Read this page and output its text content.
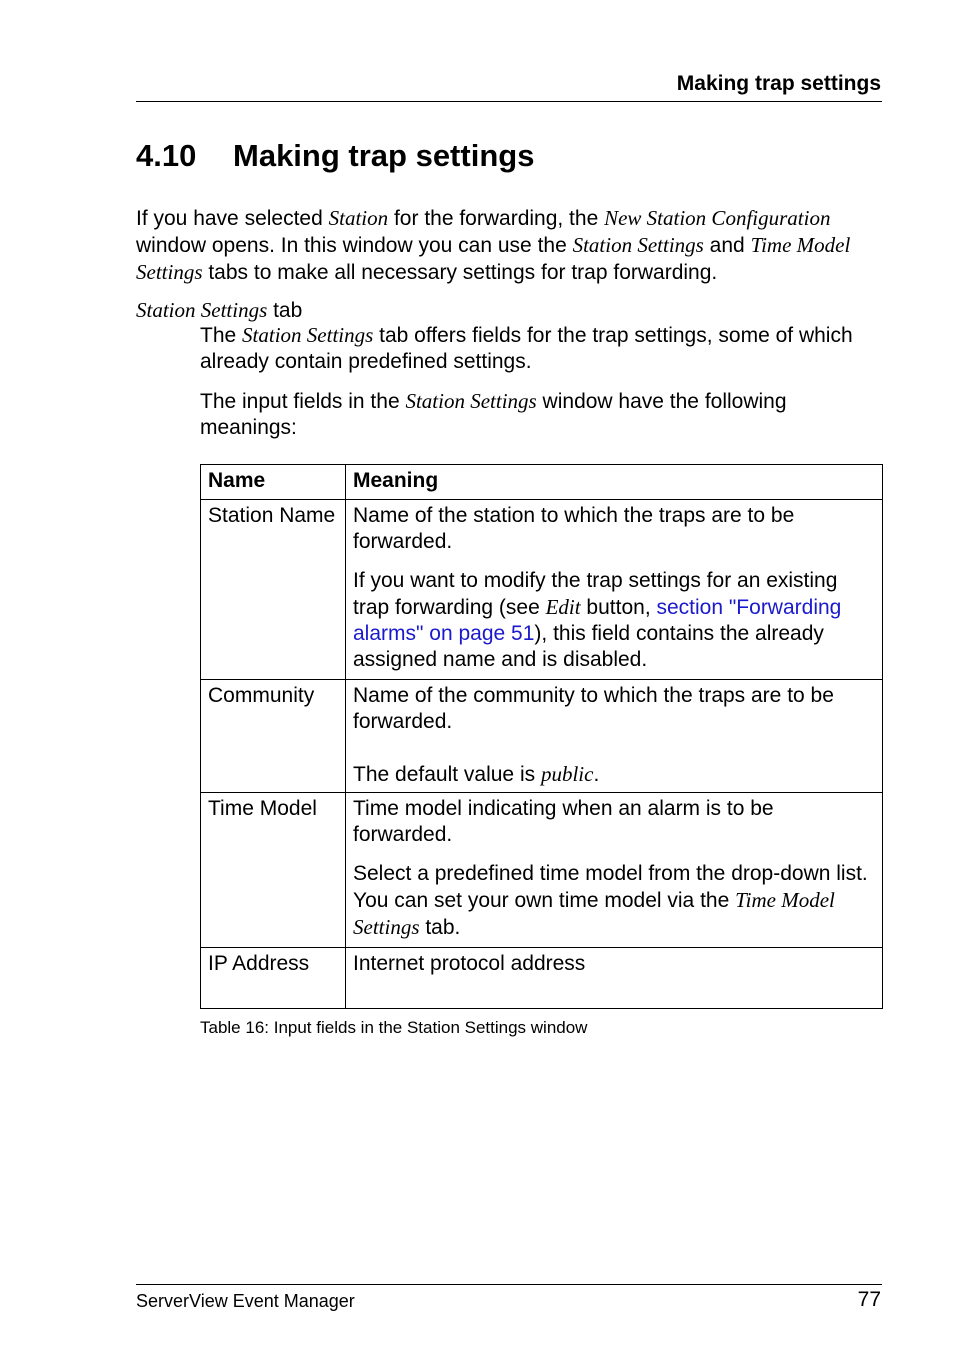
Making trap settings
4.10 Making trap settings

If you have selected Station for the forwarding, the New Station Configuration window opens. In this window you can use the Station Settings and Time Model Settings tabs to make all necessary settings for trap forwarding.

Station Settings tab

The Station Settings tab offers fields for the trap settings, some of which already contain predefined settings.

The input fields in the Station Settings window have the following meanings:

Name	Meaning
Station Name	Name of the station to which the traps are to be forwarded.

If you want to modify the trap settings for an existing trap forwarding (see Edit button, section "Forwarding alarms" on page 51), this field contains the already assigned name and is disabled.

Community	Name of the community to which the traps are to be forwarded.

The default value is public.

Time Model	Time model indicating when an alarm is to be forwarded.

Select a predefined time model from the drop-down list. You can set your own time model via the Time Model Settings tab.

IP Address	Internet protocol address

Table 16: Input fields in the Station Settings window
ServerView Event Manager	77
